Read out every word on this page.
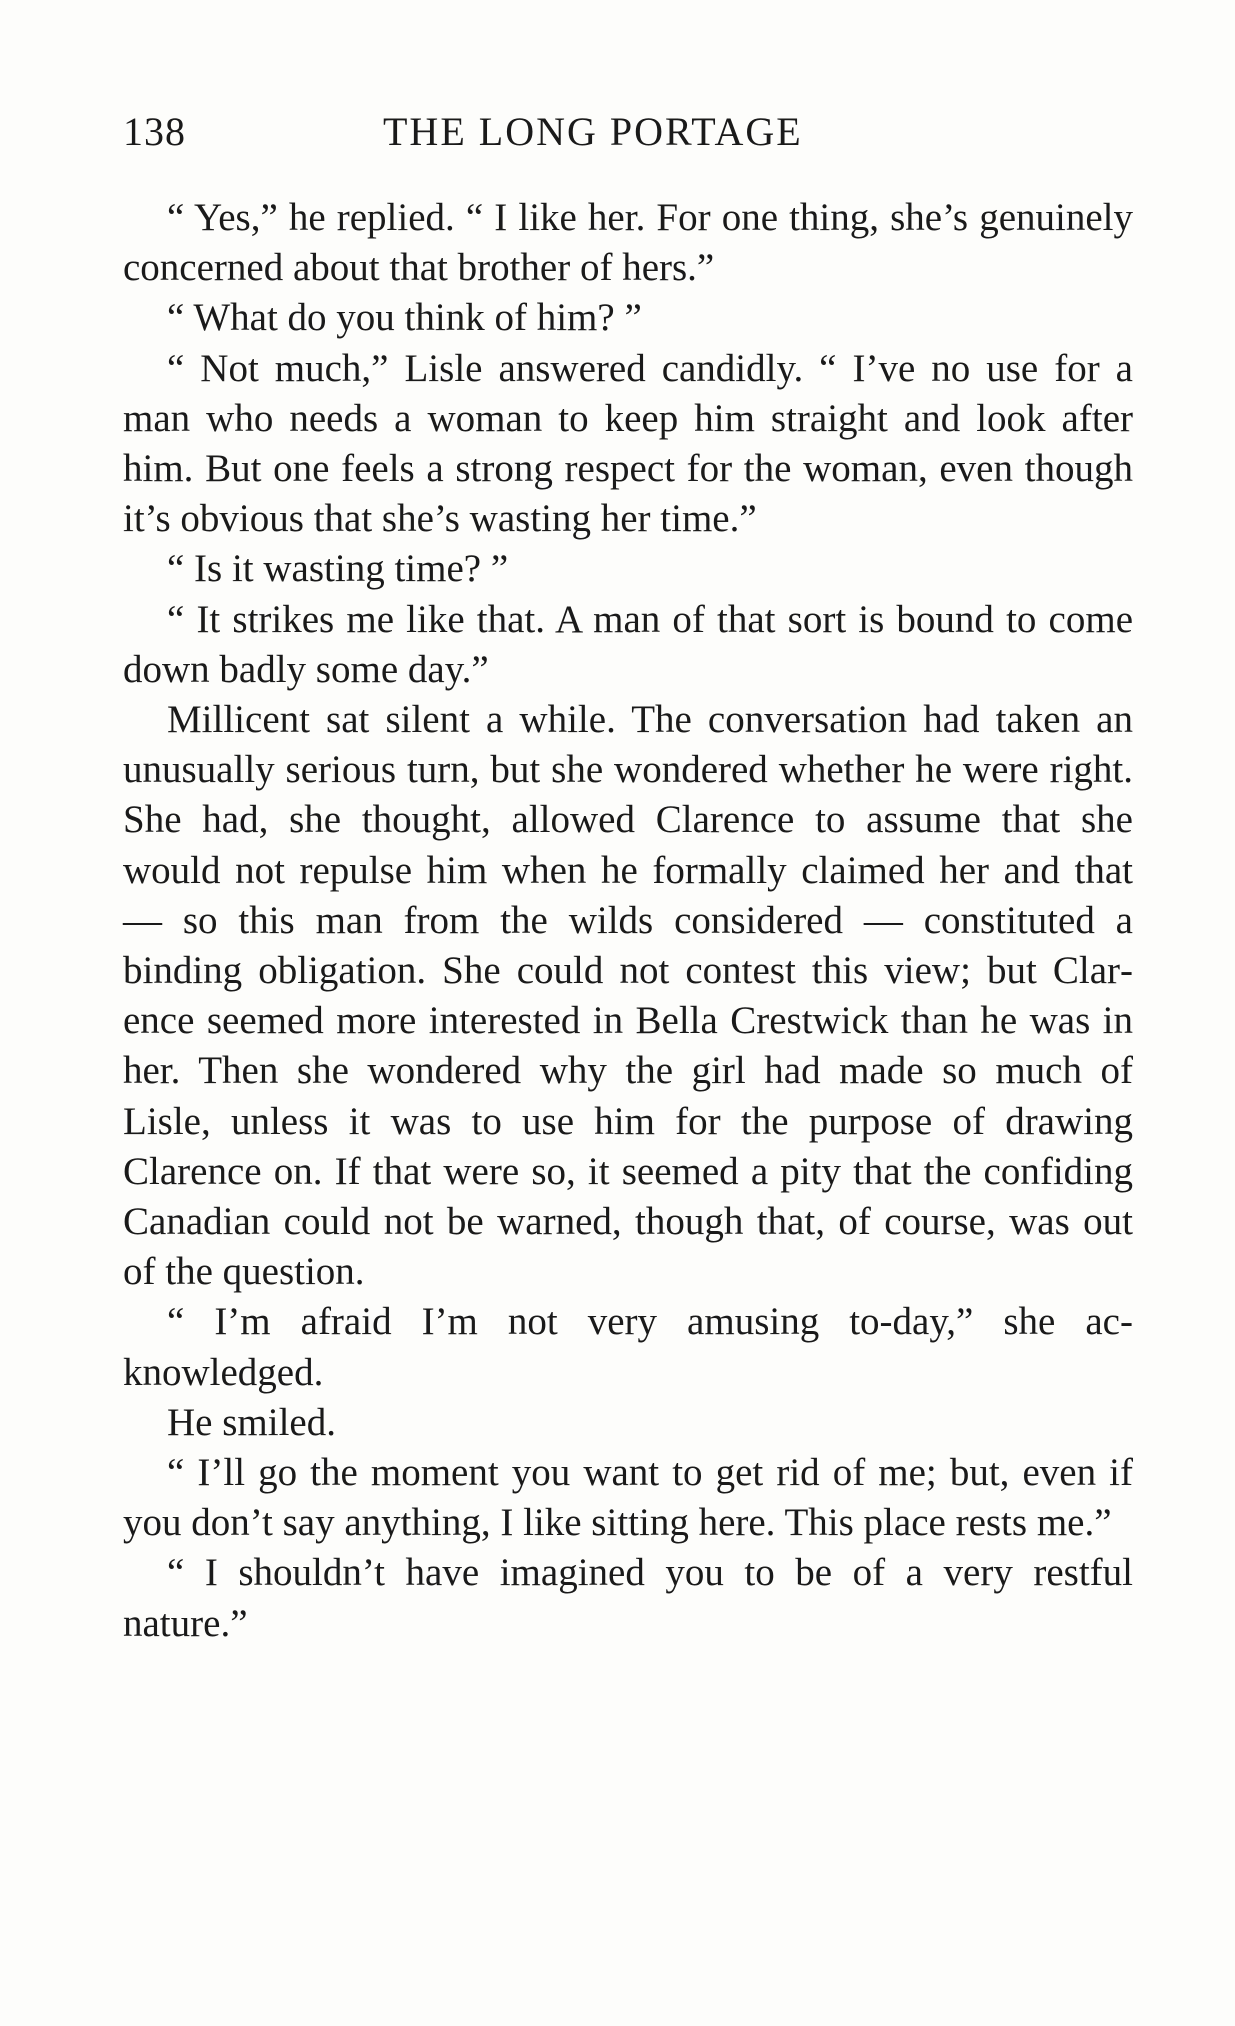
138	THE LONG PORTAGE

“ Yes,” he replied. “ I like her. For one thing, she’s genuinely concerned about that brother of hers.”

“ What do you think of him? ”

“ Not much,” Lisle answered candidly. “ I’ve no use for a man who needs a woman to keep him straight and look after him. But one feels a strong respect for the woman, even though it’s obvious that she’s wasting her time.”

“ Is it wasting time? ”

“ It strikes me like that. A man of that sort is bound to come down badly some day.”

Millicent sat silent a while. The conversation had taken an unusually serious turn, but she wondered whether he were right. She had, she thought, allowed Clarence to assume that she would not repulse him when he formally claimed her and that — so this man from the wilds considered — constituted a binding obligation. She could not contest this view; but Clarence seemed more interested in Bella Crestwick than he was in her. Then she wondered why the girl had made so much of Lisle, unless it was to use him for the purpose of drawing Clarence on. If that were so, it seemed a pity that the confiding Canadian could not be warned, though that, of course, was out of the question.

“ I’m afraid I’m not very amusing to-day,” she acknowledged.

He smiled.

“ I’ll go the moment you want to get rid of me; but, even if you don’t say anything, I like sitting here. This place rests me.”

“ I shouldn’t have imagined you to be of a very restful nature.”
